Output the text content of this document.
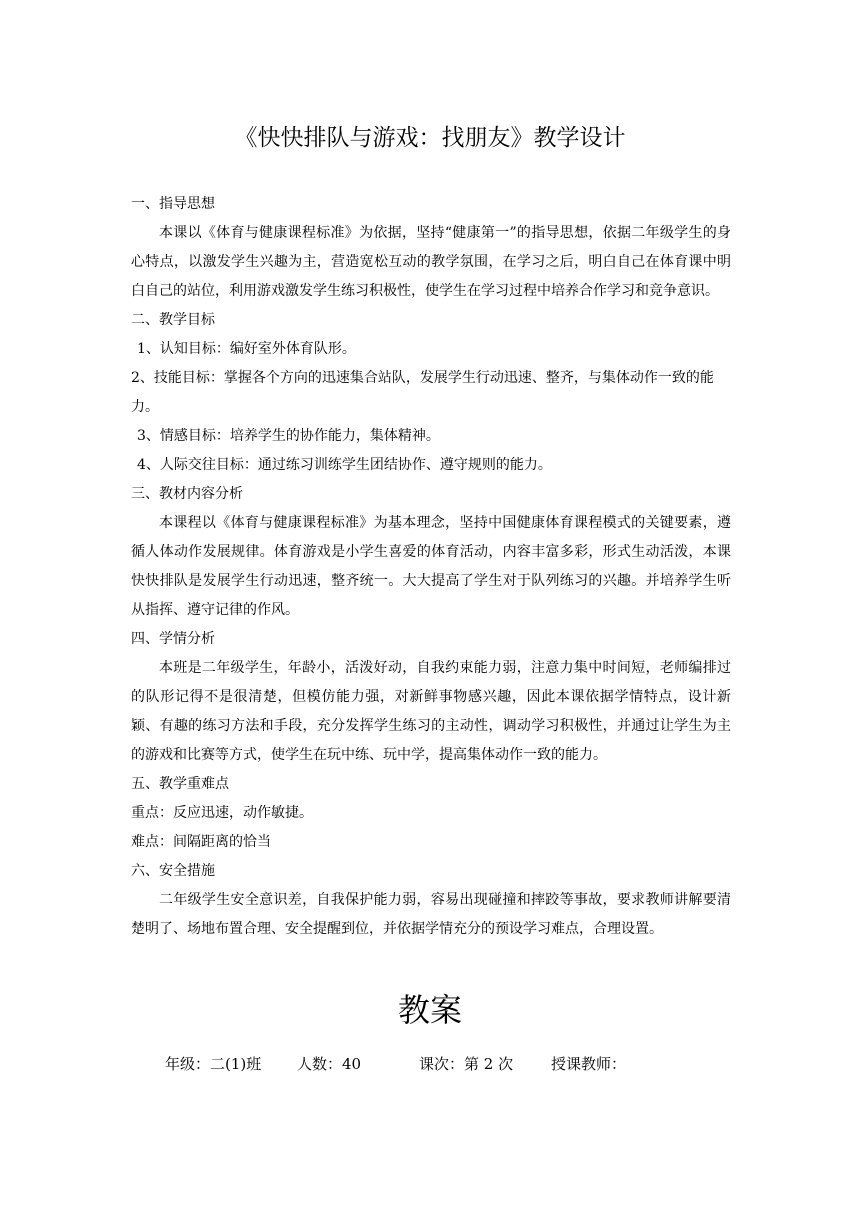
《快快排队与游戏：找朋友》教学设计

一、指导思想

本课以《体育与健康课程标准》为依据，坚持“健康第一”的指导思想，依据二年级学生的身心特点，以激发学生兴趣为主，营造宽松互动的教学氛围，在学习之后，明白自己在体育课中明白自己的站位，利用游戏激发学生练习积极性，使学生在学习过程中培养合作学习和竞争意识。

二、教学目标

1、认知目标：编好室外体育队形。

2、技能目标：掌握各个方向的迅速集合站队，发展学生行动迅速、整齐，与集体动作一致的能力。

3、情感目标：培养学生的协作能力，集体精神。

4、人际交往目标：通过练习训练学生团结协作、遵守规则的能力。

三、教材内容分析

本课程以《体育与健康课程标准》为基本理念，坚持中国健康体育课程模式的关键要素，遵循人体动作发展规律。体育游戏是小学生喜爱的体育活动，内容丰富多彩，形式生动活泼，本课快快排队是发展学生行动迅速，整齐统一。大大提高了学生对于队列练习的兴趣。并培养学生听从指挥、遵守记律的作风。

四、学情分析

本班是二年级学生，年龄小，活泼好动，自我约束能力弱，注意力集中时间短，老师编排过的队形记得不是很清楚，但模仿能力强，对新鲜事物感兴趣，因此本课依据学情特点，设计新颖、有趣的练习方法和手段，充分发挥学生练习的主动性，调动学习积极性，并通过让学生为主的游戏和比赛等方式，使学生在玩中练、玩中学，提高集体动作一致的能力。

五、教学重难点

重点：反应迅速，动作敏捷。

难点：间隔距离的恰当

六、安全措施

二年级学生安全意识差，自我保护能力弱，容易出现碰撞和摔跤等事故，要求教师讲解要清楚明了、场地布置合理、安全提醒到位，并依据学情充分的预设学习难点，合理设置。

教案
年级：二(1)班 人数：40	课次：第 2 次	授课教师：
